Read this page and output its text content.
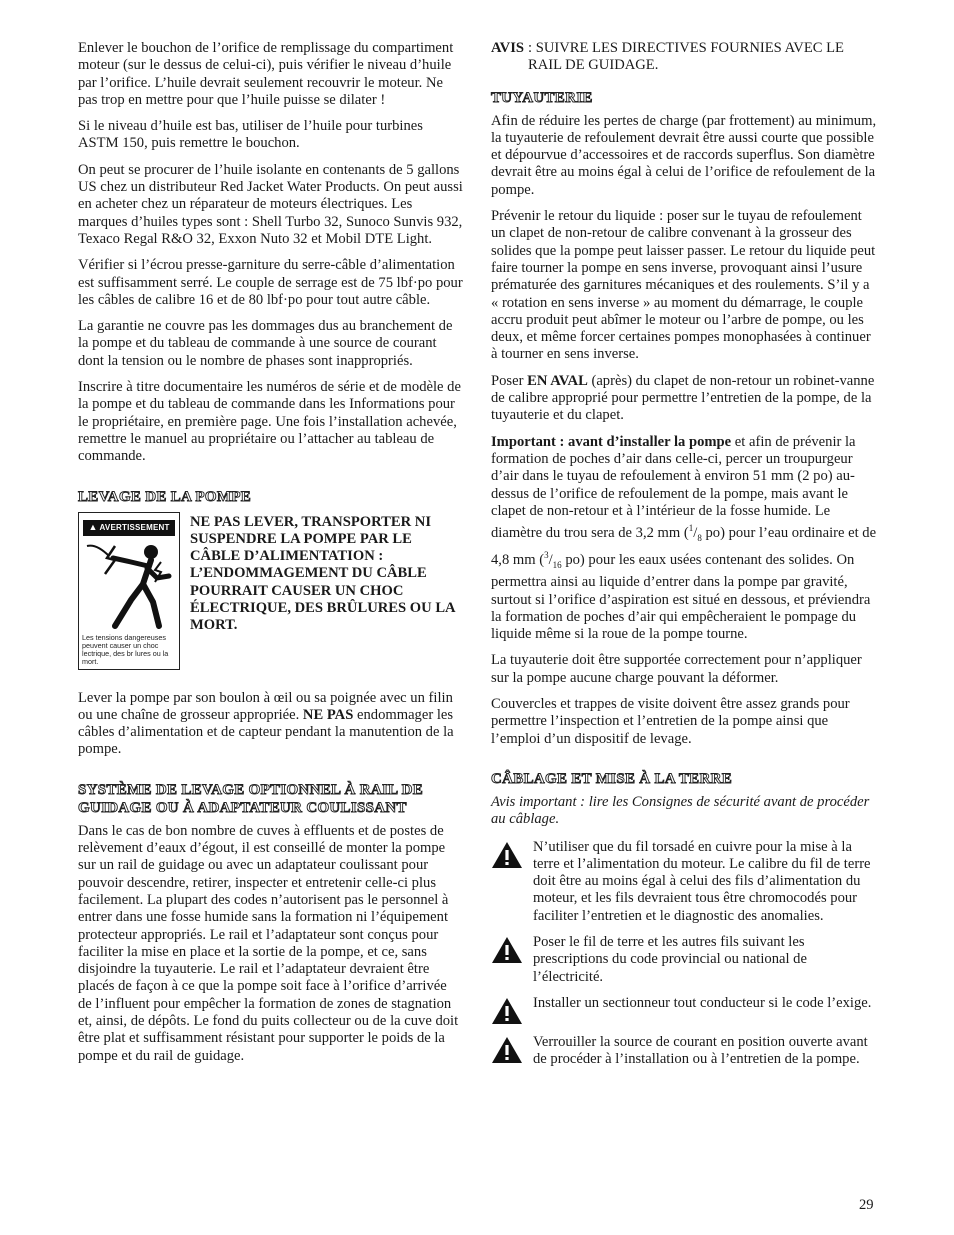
Enlever le bouchon de l’orifice de remplissage du compartiment moteur (sur le dessus de celui-ci), puis vérifier le niveau d’huile par l’orifice. L’huile devrait seulement recouvrir le moteur. Ne pas trop en mettre pour que l’huile puisse se dilater !

Si le niveau d’huile est bas, utiliser de l’huile pour turbines ASTM 150, puis remettre le bouchon.

On peut se procurer de l’huile isolante en contenants de 5 gallons US chez un distributeur Red Jacket Water Products. On peut aussi en acheter chez un réparateur de moteurs électriques. Les marques d’huiles types sont : Shell Turbo 32, Sunoco Sunvis 932, Texaco Regal R&O 32, Exxon Nuto 32 et Mobil DTE Light.

Vérifier si l’écrou presse-garniture du serre-câble d’alimentation est suffisamment serré. Le couple de serrage est de 75 lbf·po pour les câbles de calibre 16 et de 80 lbf·po pour tout autre câble.

La garantie ne couvre pas les dommages dus au branchement de la pompe et du tableau de commande à une source de courant dont la tension ou le nombre de phases sont inappropriés.

Inscrire à titre documentaire les numéros de série et de modèle de la pompe et du tableau de commande dans les Informations pour le propriétaire, en première page. Une fois l’installation achevée, remettre le manuel au propriétaire ou l’attacher au tableau de commande.

LEVAGE DE LA POMPE
▲ AVERTISSEMENT
Les tensions dangereuses peuvent causer un choc lectrique, des br lures ou la mort.
NE PAS LEVER, TRANSPORTER NI SUSPENDRE LA POMPE PAR LE CÂBLE D’ALIMENTATION : L’ENDOMMAGEMENT DU CÂBLE POURRAIT CAUSER UN CHOC ÉLECTRIQUE, DES BRÛLURES OU LA MORT.

Lever la pompe par son boulon à œil ou sa poignée avec un filin ou une chaîne de grosseur appropriée. NE PAS endommager les câbles d’alimentation et de capteur pendant la manutention de la pompe.

SYSTÈME DE LEVAGE OPTIONNEL À RAIL DE GUIDAGE OU À ADAPTATEUR COULISSANT

Dans le cas de bon nombre de cuves à effluents et de postes de relèvement d’eaux d’égout, il est conseillé de monter la pompe sur un rail de guidage ou avec un adaptateur coulissant pour pouvoir descendre, retirer, inspecter et entretenir celle-ci plus facilement. La plupart des codes n’autorisent pas le personnel à entrer dans une fosse humide sans la formation ni l’équipement protecteur appropriés. Le rail et l’adaptateur sont conçus pour faciliter la mise en place et la sortie de la pompe, et ce, sans disjoindre la tuyauterie. Le rail et l’adaptateur devraient être placés de façon à ce que la pompe soit face à l’orifice d’arrivée de l’influent pour empêcher la formation de zones de stagnation et, ainsi, de dépôts. Le fond du puits collecteur ou de la cuve doit être plat et suffisamment résistant pour supporter le poids de la pompe et du rail de guidage.

AVIS : SUIVRE LES DIRECTIVES FOURNIES AVEC LE RAIL DE GUIDAGE.
TUYAUTERIE

Afin de réduire les pertes de charge (par frottement) au minimum, la tuyauterie de refoulement devrait être aussi courte que possible et dépourvue d’accessoires et de raccords superflus. Son diamètre devrait être au moins égal à celui de l’orifice de refoulement de la pompe.

Prévenir le retour du liquide : poser sur le tuyau de refoulement un clapet de non-retour de calibre convenant à la grosseur des solides que la pompe peut laisser passer. Le retour du liquide peut faire tourner la pompe en sens inverse, provoquant ainsi l’usure prématurée des garnitures mécaniques et des roulements. S’il y a « rotation en sens inverse » au moment du démarrage, le couple accru produit peut abîmer le moteur ou l’arbre de pompe, ou les deux, et même forcer certaines pompes monophasées à continuer à tourner en sens inverse.

Poser EN AVAL (après) du clapet de non-retour un robinet-vanne de calibre approprié pour permettre l’entretien de la pompe, de la tuyauterie et du clapet.

Important : avant d’installer la pompe et afin de prévenir la formation de poches d’air dans celle-ci, percer un troupurgeur d’air dans le tuyau de refoulement à environ 51 mm (2 po) au-dessus de l’orifice de refoulement de la pompe, mais avant le clapet de non-retour et à l’intérieur de la fosse humide. Le diamètre du trou sera de 3,2 mm ($^1/_8$ po) pour l’eau ordinaire et de 4,8 mm ($^3/_{16}$ po) pour les eaux usées contenant des solides. On permettra ainsi au liquide d’entrer dans la pompe par gravité, surtout si l’orifice d’aspiration est situé en dessous, et préviendra la formation de poches d’air qui empêcheraient le pompage du liquide même si la roue de la pompe tourne.

La tuyauterie doit être supportée correctement pour n’appliquer sur la pompe aucune charge pouvant la déformer.

Couvercles et trappes de visite doivent être assez grands pour permettre l’inspection et l’entretien de la pompe ainsi que l’emploi d’un dispositif de levage.

CÂBLAGE ET MISE À LA TERRE

Avis important : lire les Consignes de sécurité avant de procéder au câblage.

N’utiliser que du fil torsadé en cuivre pour la mise à la terre et l’alimentation du moteur. Le calibre du fil de terre doit être au moins égal à celui des fils d’alimentation du moteur, et les fils devraient tous être chromocodés pour faciliter l’entretien et le diagnostic des anomalies.

Poser le fil de terre et les autres fils suivant les prescriptions du code provincial ou national de l’électricité.

Installer un sectionneur tout conducteur si le code l’exige.

Verrouiller la source de courant en position ouverte avant de procéder à l’installation ou à l’entretien de la pompe.

29
